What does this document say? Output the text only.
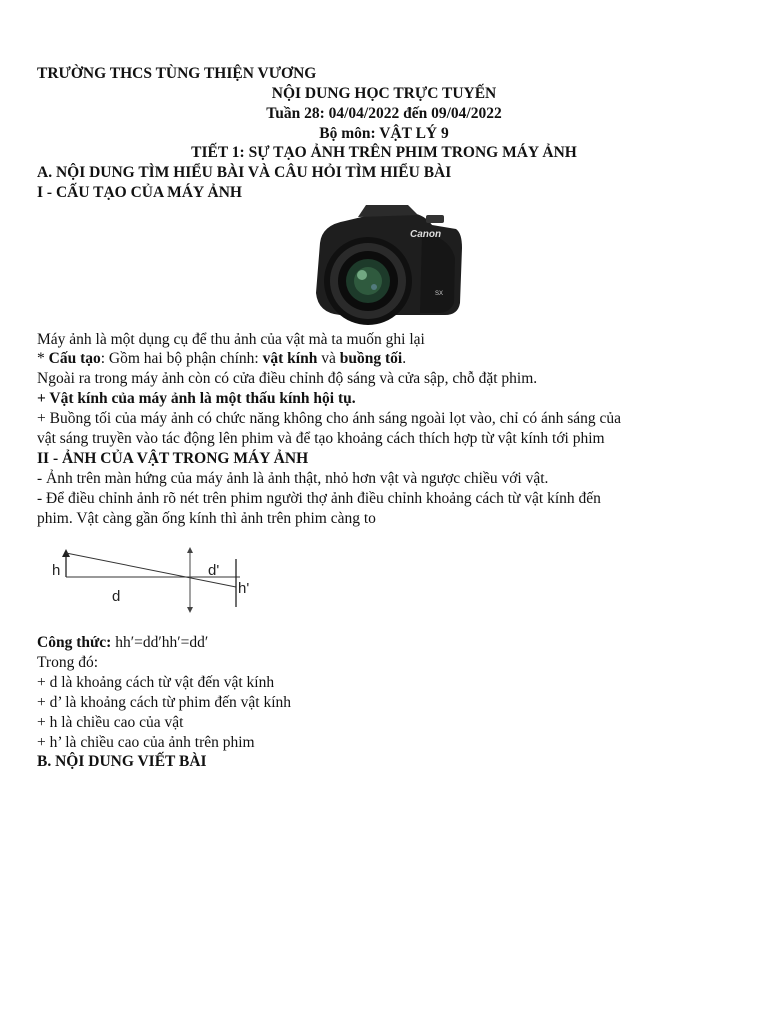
TRƯỜNG THCS TÙNG THIỆN VƯƠNG
NỘI DUNG HỌC TRỰC TUYẾN
Tuần 28: 04/04/2022 đến 09/04/2022
Bộ môn: VẬT LÝ 9
TIẾT 1: SỰ TẠO ẢNH TRÊN PHIM TRONG MÁY ẢNH
A. NỘI DUNG TÌM HIỂU BÀI VÀ CÂU HỎI TÌM HIỂU BÀI
I - CẤU TẠO CỦA MÁY ẢNH
Canon
SX
Máy ảnh là một dụng cụ để thu ảnh của vật mà ta muốn ghi lại
* Cấu tạo: Gồm hai bộ phận chính: vật kính và buồng tối.
Ngoài ra trong máy ảnh còn có cửa điều chỉnh độ sáng và cửa sập, chỗ đặt phim.
+ Vật kính của máy ảnh là một thấu kính hội tụ.
+ Buồng tối của máy ảnh có chức năng không cho ánh sáng ngoài lọt vào, chỉ có ánh sáng của
vật sáng truyền vào tác động lên phim và để tạo khoảng cách thích hợp từ vật kính tới phim
II - ẢNH CỦA VẬT TRONG MÁY ẢNH
- Ảnh trên màn hứng của máy ảnh là ảnh thật, nhỏ hơn vật và ngược chiều với vật.
- Để điều chỉnh ảnh rõ nét trên phim người thợ ảnh điều chỉnh khoảng cách từ vật kính đến
phim. Vật càng gần ống kính thì ảnh trên phim càng to
h
d
d'
h'
Công thức: hh′=dd′hh′=dd′
Trong đó:
+ d là khoảng cách từ vật đến vật kính
+ d’ là khoảng cách từ phim đến vật kính
+ h là chiều cao của vật
+ h’ là chiều cao của ảnh trên phim
B. NỘI DUNG VIẾT BÀI
